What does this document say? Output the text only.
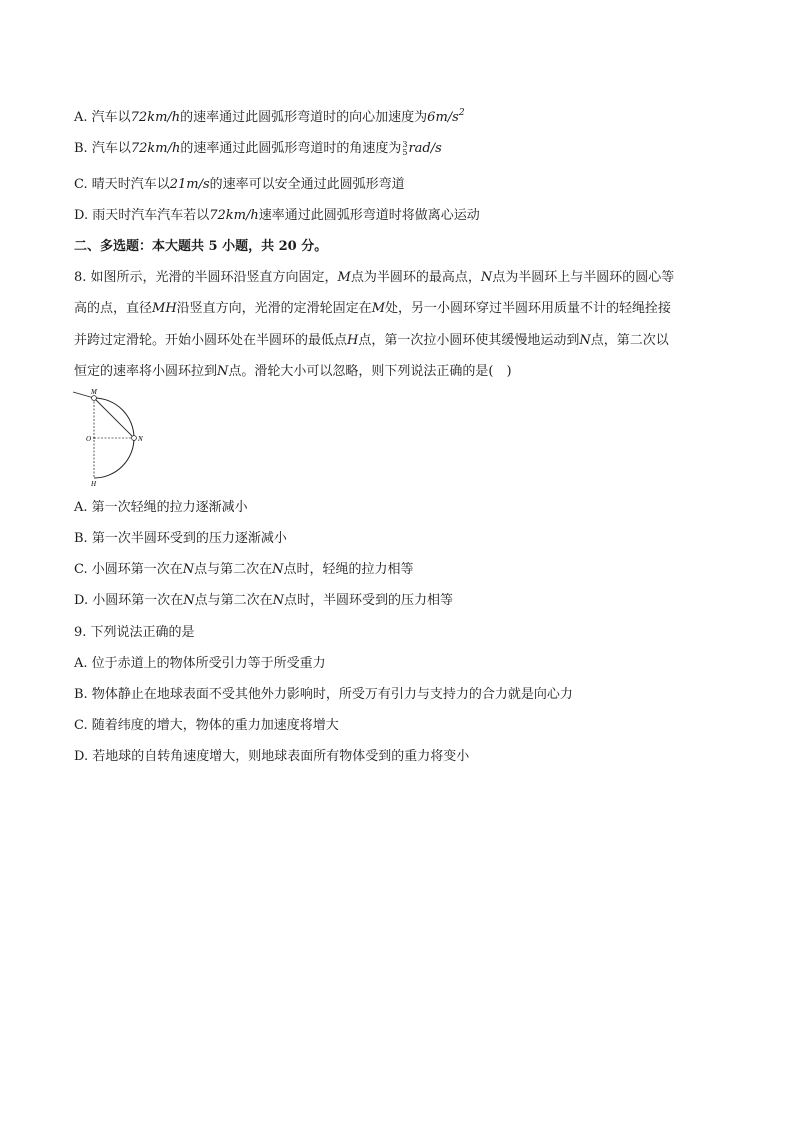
A. 汽车以72km/h的速率通过此圆弧形弯道时的向心加速度为$6m/s^2$
B. 汽车以72km/h的速率通过此圆弧形弯道时的角速度为 3
5 rad/s
C. 晴天时汽车以21m/s的速率可以安全通过此圆弧形弯道
D. 雨天时汽车汽车若以72km/h速率通过此圆弧形弯道时将做离心运动
二、多选题：本大题共 5 小题，共 20 分。
8. 如图所示，光滑的半圆环沿竖直方向固定，M点为半圆环的最高点，N点为半圆环上与半圆环的圆心等
高的点，直径MH沿竖直方向，光滑的定滑轮固定在M处，另一小圆环穿过半圆环用质量不计的轻绳拴接
并跨过定滑轮。开始小圆环处在半圆环的最低点H点，第一次拉小圆环使其缓慢地运动到N点，第二次以
恒定的速率将小圆环拉到N点。滑轮大小可以忽略，则下列说法正确的是(　)
M
O	N
H
A. 第一次轻绳的拉力逐渐减小
B. 第一次半圆环受到的压力逐渐减小
C. 小圆环第一次在N点与第二次在N点时，轻绳的拉力相等
D. 小圆环第一次在N点与第二次在N点时，半圆环受到的压力相等
9. 下列说法正确的是
A. 位于赤道上的物体所受引力等于所受重力
B. 物体静止在地球表面不受其他外力影响时，所受万有引力与支持力的合力就是向心力
C. 随着纬度的增大，物体的重力加速度将增大
D. 若地球的自转角速度增大，则地球表面所有物体受到的重力将变小
